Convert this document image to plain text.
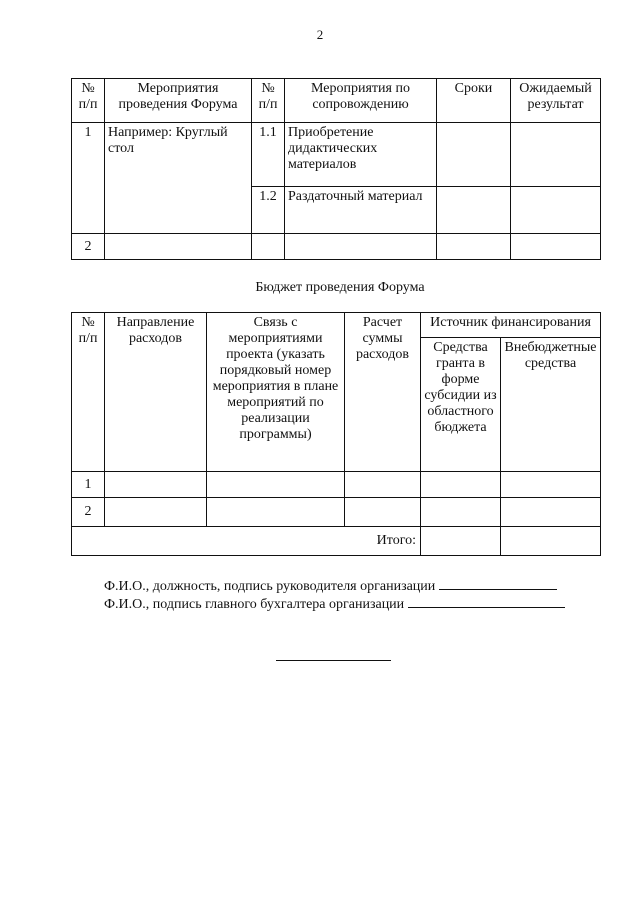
2
№ п/п	Мероприятия проведения Форума	№ п/п	Мероприятия по сопровождению	Сроки	Ожидаемый результат
1	Например: Круглый стол	1.1	Приобретение дидактических материалов		
		1.2	Раздаточный материал		
2					
Бюджет проведения Форума
№ п/п	Направление расходов	Связь с мероприятиями проекта (указать порядковый номер мероприятия в плане мероприятий по реализации программы)	Расчет суммы расходов	Источник финансирования	
				Средства гранта в форме субсидии из областного бюджета	Внебюджетные средства
1					
2					
Итого:					
Ф.И.О., должность, подпись руководителя организации
Ф.И.О., подпись главного бухгалтера организации
